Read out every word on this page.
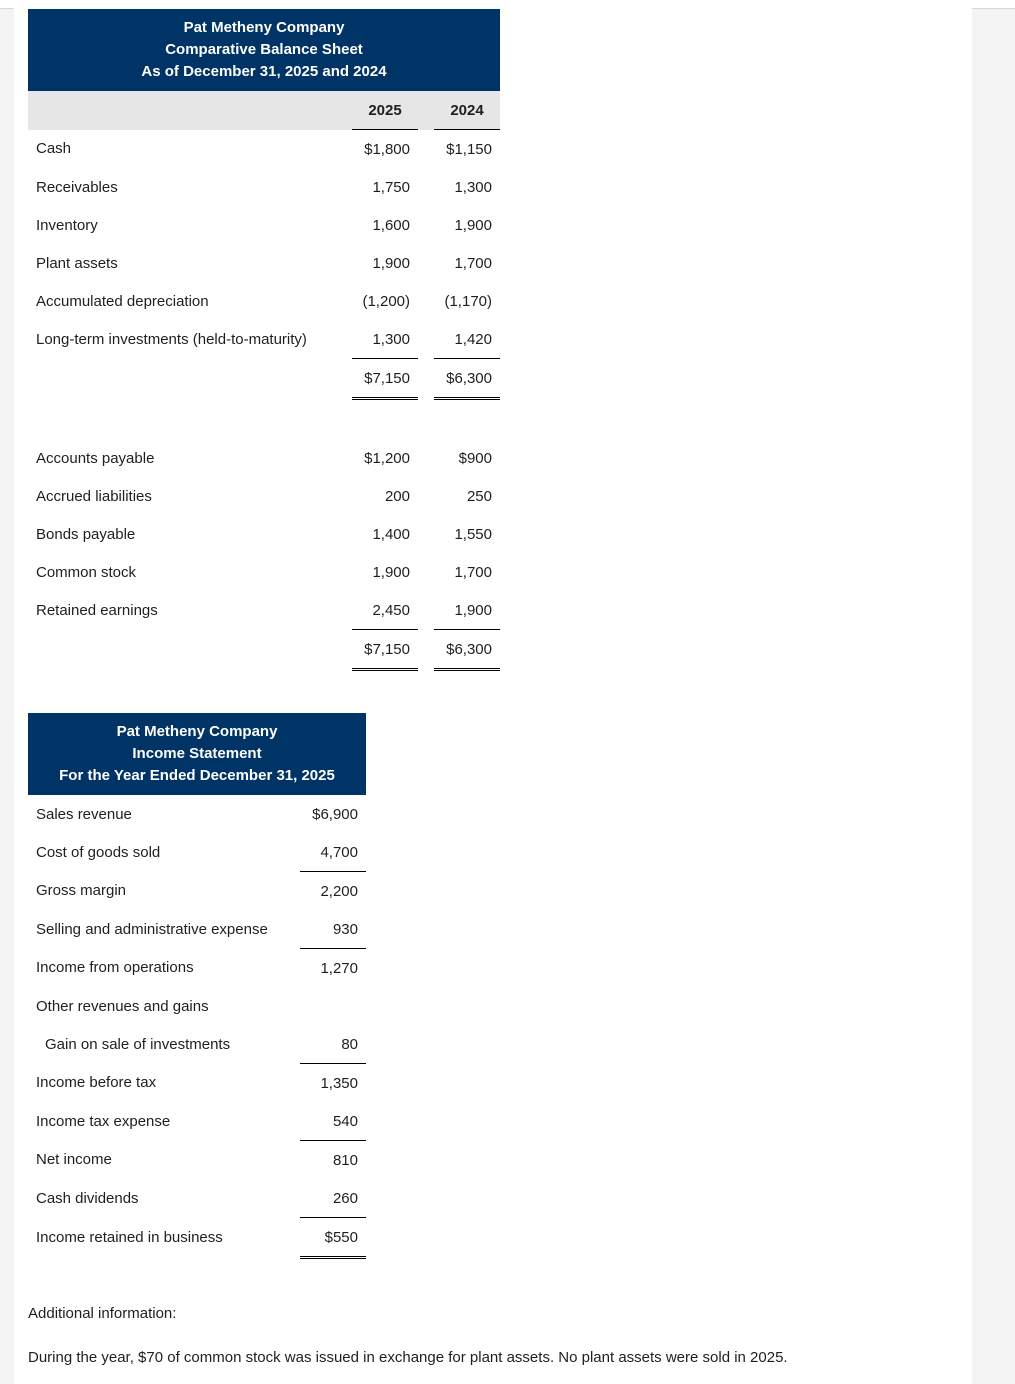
Pat Metheny Company
Comparative Balance Sheet
As of December 31, 2025 and 2024			

	2025		2024
Cash	$1,800		$1,150
Receivables	1,750		1,300
Inventory	1,600		1,900
Plant assets	1,900		1,700
Accumulated depreciation	(1,200)		(1,170)
Long-term investments (held-to-maturity)	1,300		1,420
	$7,150		$6,300

Accounts payable	$1,200		$900
Accrued liabilities	200		250
Bonds payable	1,400		1,550
Common stock	1,900		1,700
Retained earnings	2,450		1,900
	$7,150		$6,300
Pat Metheny Company
Income Statement
For the Year Ended December 31, 2025	

Sales revenue	$6,900
Cost of goods sold	4,700
Gross margin	2,200
Selling and administrative expense	930
Income from operations	1,270
Other revenues and gains	
Gain on sale of investments	80
Income before tax	1,350
Income tax expense	540
Net income	810
Cash dividends	260
Income retained in business	$550

Additional information:

During the year, $70 of common stock was issued in exchange for plant assets. No plant assets were sold in 2025.
